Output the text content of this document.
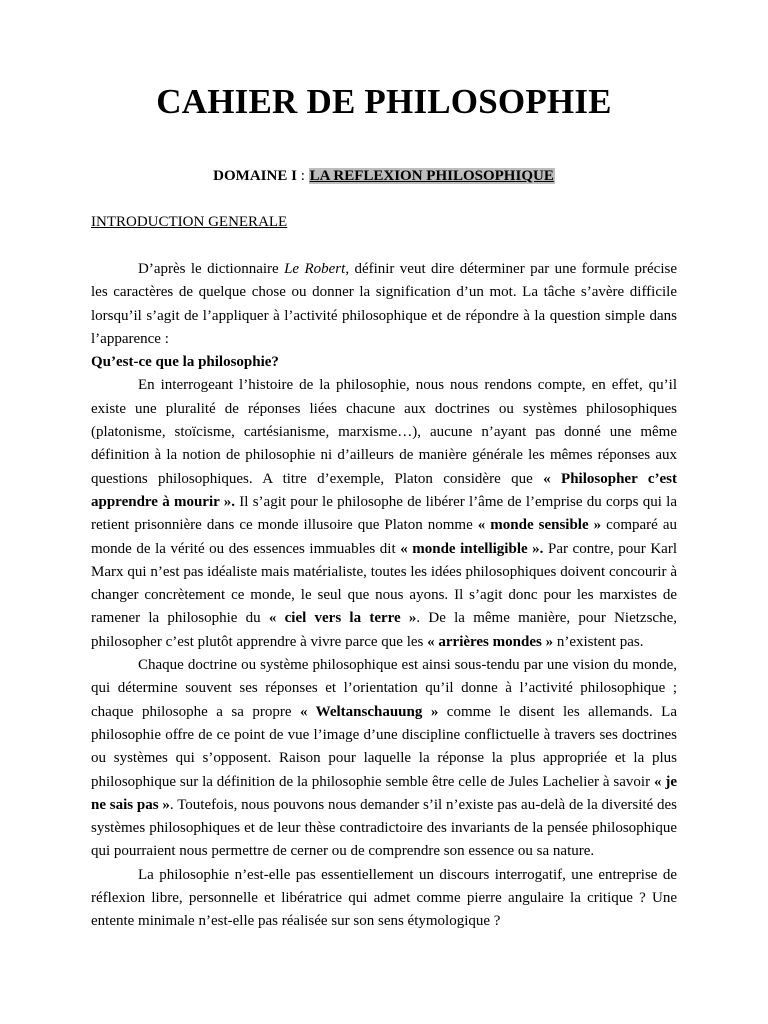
CAHIER DE PHILOSOPHIE
DOMAINE I : LA REFLEXION PHILOSOPHIQUE
INTRODUCTION GENERALE

D’après le dictionnaire Le Robert, définir veut dire déterminer par une formule précise les caractères de quelque chose ou donner la signification d’un mot. La tâche s’avère difficile lorsqu’il s’agit de l’appliquer à l’activité philosophique et de répondre à la question simple dans l’apparence :

Qu’est-ce que la philosophie?

En interrogeant l’histoire de la philosophie, nous nous rendons compte, en effet, qu’il existe une pluralité de réponses liées chacune aux doctrines ou systèmes philosophiques (platonisme, stoïcisme, cartésianisme, marxisme…), aucune n’ayant pas donné une même définition à la notion de philosophie ni d’ailleurs de manière générale les mêmes réponses aux questions philosophiques. A titre d’exemple, Platon considère que « Philosopher c’est apprendre à mourir ». Il s’agit pour le philosophe de libérer l’âme de l’emprise du corps qui la retient prisonnière dans ce monde illusoire que Platon nomme « monde sensible » comparé au monde de la vérité ou des essences immuables dit « monde intelligible ». Par contre, pour Karl Marx qui n’est pas idéaliste mais matérialiste, toutes les idées philosophiques doivent concourir à changer concrètement ce monde, le seul que nous ayons. Il s’agit donc pour les marxistes de ramener la philosophie du « ciel vers la terre ». De la même manière, pour Nietzsche, philosopher c’est plutôt apprendre à vivre parce que les « arrières mondes » n’existent pas.

Chaque doctrine ou système philosophique est ainsi sous-tendu par une vision du monde, qui détermine souvent ses réponses et l’orientation qu’il donne à l’activité philosophique ; chaque philosophe a sa propre « Weltanschauung » comme le disent les allemands. La philosophie offre de ce point de vue l’image d’une discipline conflictuelle à travers ses doctrines ou systèmes qui s’opposent. Raison pour laquelle la réponse la plus appropriée et la plus philosophique sur la définition de la philosophie semble être celle de Jules Lachelier à savoir « je ne sais pas ». Toutefois, nous pouvons nous demander s’il n’existe pas au-delà de la diversité des systèmes philosophiques et de leur thèse contradictoire des invariants de la pensée philosophique qui pourraient nous permettre de cerner ou de comprendre son essence ou sa nature.

La philosophie n’est-elle pas essentiellement un discours interrogatif, une entreprise de réflexion libre, personnelle et libératrice qui admet comme pierre angulaire la critique ? Une entente minimale n’est-elle pas réalisée sur son sens étymologique ?
